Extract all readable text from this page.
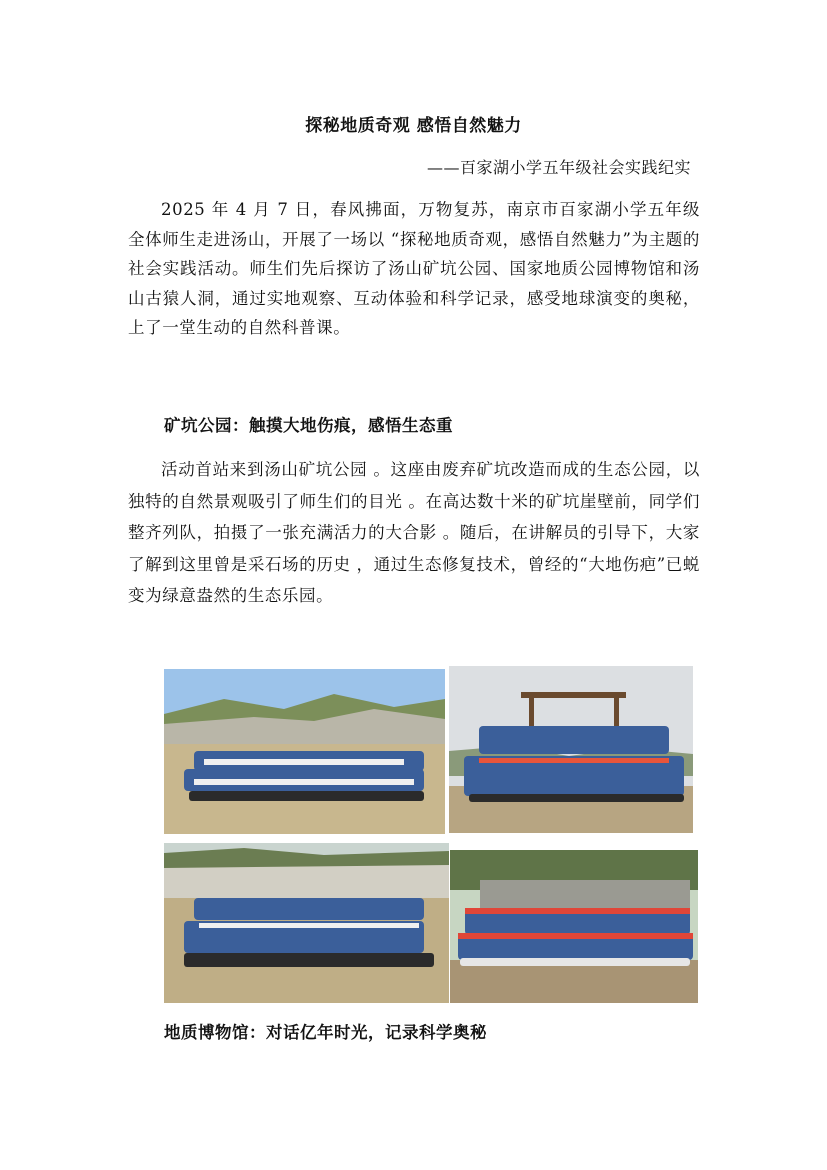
探秘地质奇观 感悟自然魅力
——百家湖小学五年级社会实践纪实

2025 年 4 月 7 日，春风拂面，万物复苏，南京市百家湖小学五年级全体师生走进汤山，开展了一场以 “探秘地质奇观，感悟自然魅力”为主题的社会实践活动。师生们先后探访了汤山矿坑公园、国家地质公园博物馆和汤山古猿人洞，通过实地观察、互动体验和科学记录，感受地球演变的奥秘，上了一堂生动的自然科普课。

矿坑公园：触摸大地伤痕，感悟生态重

活动首站来到汤山矿坑公园 。这座由废弃矿坑改造而成的生态公园，以独特的自然景观吸引了师生们的目光 。在高达数十米的矿坑崖壁前，同学们整齐列队，拍摄了一张充满活力的大合影 。随后，在讲解员的引导下，大家了解到这里曾是采石场的历史 ，通过生态修复技术，曾经的“大地伤疤”已蜕变为绿意盎然的生态乐园。

地质博物馆：对话亿年时光，记录科学奥秘
